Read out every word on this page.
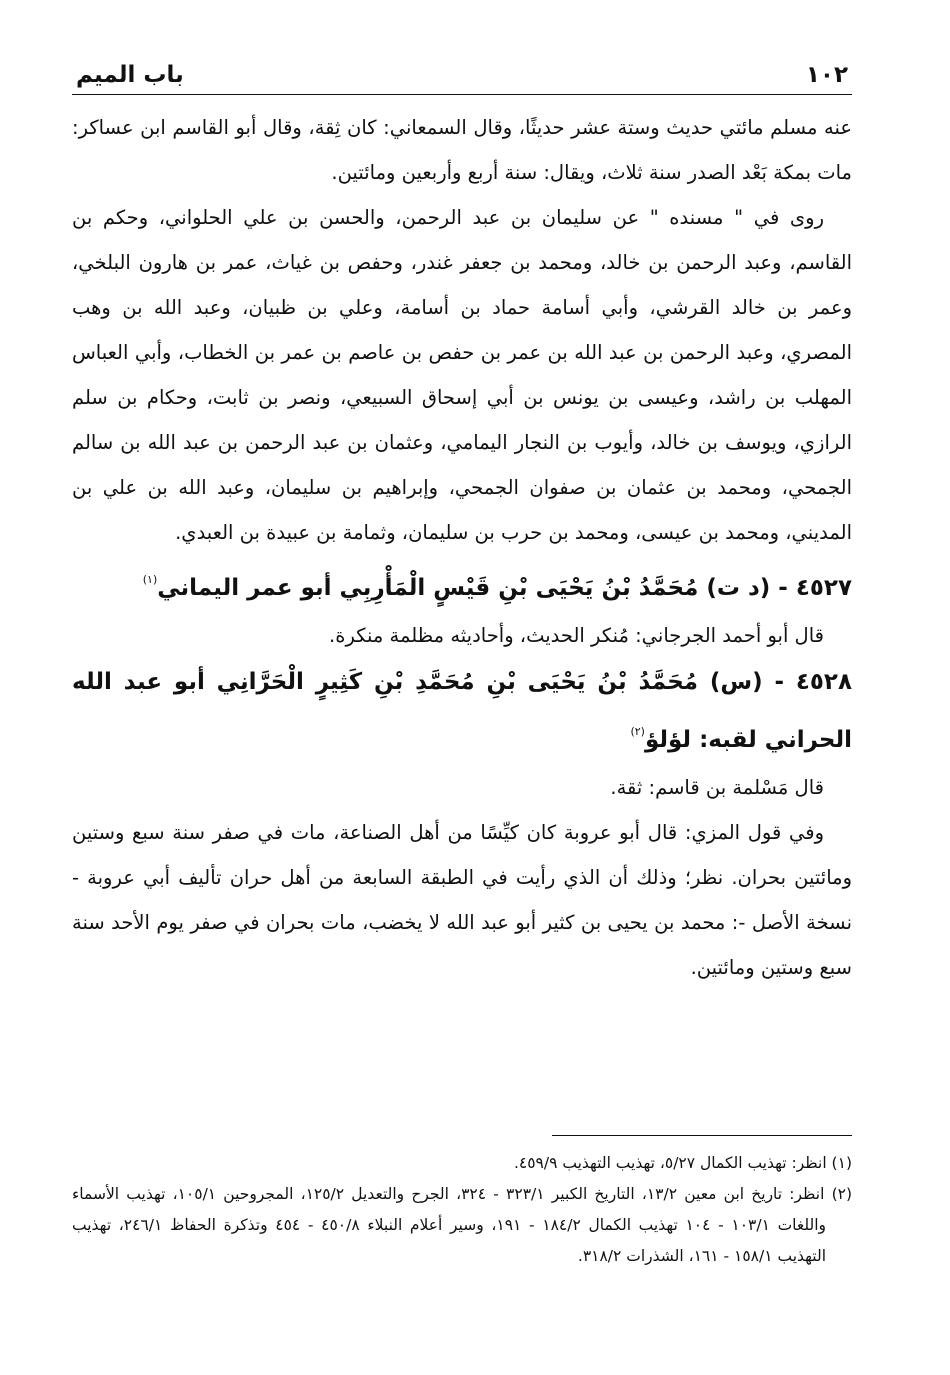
١٠٢
باب الميم

عنه مسلم مائتي حديث وستة عشر حديثًا، وقال السمعاني: كان ثِقة، وقال أبو القاسم ابن عساكر: مات بمكة بَعْد الصدر سنة ثلاث، ويقال: سنة أربع وأربعين ومائتين.

روى في " مسنده " عن سليمان بن عبد الرحمن، والحسن بن علي الحلواني، وحكم بن القاسم، وعبد الرحمن بن خالد، ومحمد بن جعفر غندر، وحفص بن غياث، عمر بن هارون البلخي، وعمر بن خالد القرشي، وأبي أسامة حماد بن أسامة، وعلي بن ظبيان، وعبد الله بن وهب المصري، وعبد الرحمن بن عبد الله بن عمر بن حفص بن عاصم بن عمر بن الخطاب، وأبي العباس المهلب بن راشد، وعيسى بن يونس بن أبي إسحاق السبيعي، ونصر بن ثابت، وحكام بن سلم الرازي، ويوسف بن خالد، وأيوب بن النجار اليمامي، وعثمان بن عبد الرحمن بن عبد الله بن سالم الجمحي، ومحمد بن عثمان بن صفوان الجمحي، وإبراهيم بن سليمان، وعبد الله بن علي بن المديني، ومحمد بن عيسى، ومحمد بن حرب بن سليمان، وثمامة بن عبيدة بن العبدي.

٤٥٢٧ - (د ت) مُحَمَّدُ بْنُ يَحْيَى بْنِ قَيْسٍ الْمَأْرِبِي أبو عمر اليماني$^{(١)}$

قال أبو أحمد الجرجاني: مُنكر الحديث، وأحاديثه مظلمة منكرة.

٤٥٢٨ - (س) مُحَمَّدُ بْنُ يَحْيَى بْنِ مُحَمَّدِ بْنِ كَثِيرٍ الْحَرَّانِي أبو عبد الله الحراني لقبه: لؤلؤ$^{(٢)}$

قال مَسْلمة بن قاسم: ثقة.

وفي قول المزي: قال أبو عروبة كان كيِّسًا من أهل الصناعة، مات في صفر سنة سبع وستين ومائتين بحران. نظر؛ وذلك أن الذي رأيت في الطبقة السابعة من أهل حران تأليف أبي عروبة - نسخة الأصل -: محمد بن يحيى بن كثير أبو عبد الله لا يخضب، مات بحران في صفر يوم الأحد سنة سبع وستين ومائتين.

(١) انظر: تهذيب الكمال ٥/٢٧، تهذيب التهذيب ٤٥٩/٩.

(٢) انظر: تاريخ ابن معين ١٣/٢، التاريخ الكبير ٣٢٣/١ - ٣٢٤، الجرح والتعديل ١٢٥/٢، المجروحين ١٠٥/١، تهذيب الأسماء واللغات ١٠٣/١ - ١٠٤ تهذيب الكمال ١٨٤/٢ - ١٩١، وسير أعلام النبلاء ٤٥٠/٨ - ٤٥٤ وتذكرة الحفاظ ٢٤٦/١، تهذيب التهذيب ١٥٨/١ - ١٦١، الشذرات ٣١٨/٢.
